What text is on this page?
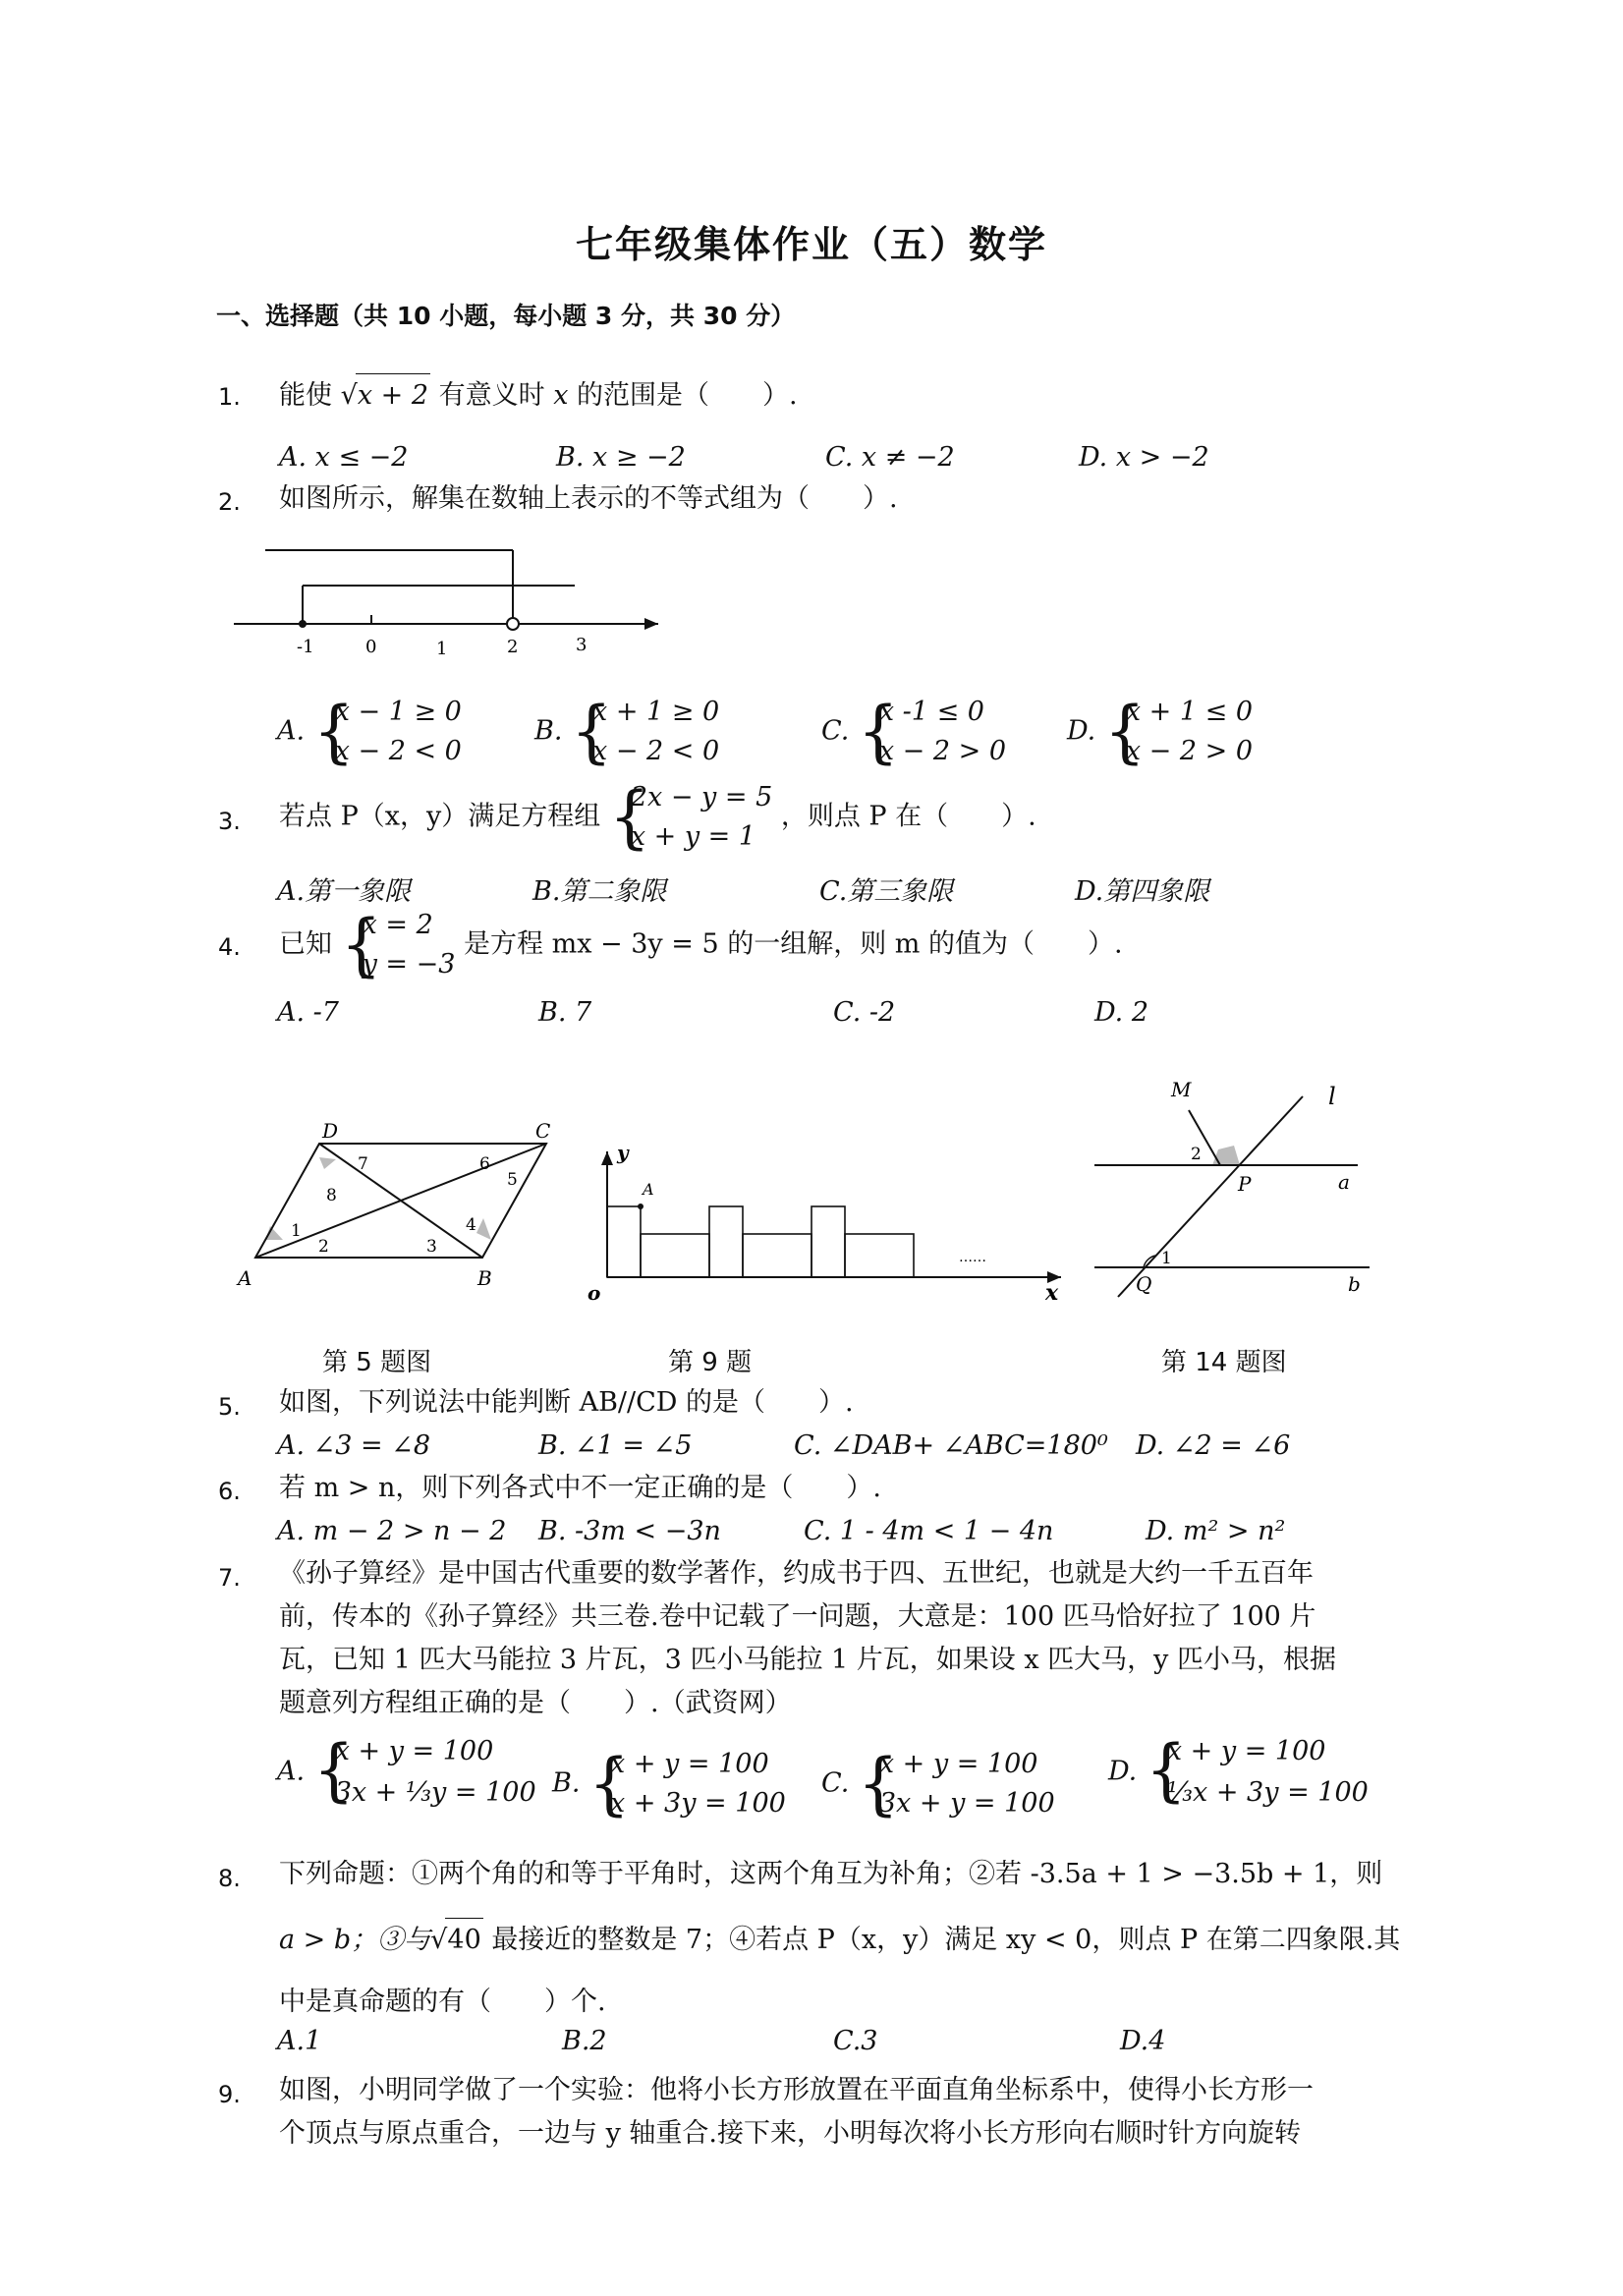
七年级集体作业（五）数学
一、选择题（共 10 小题，每小题 3 分，共 30 分）
1. 能使 √x + 2 有意义时 x 的范围是（　　）.
A. x ≤ −2	B. x ≥ −2	C. x ≠ −2	D. x > −2
2. 如图所示，解集在数轴上表示的不等式组为（　　）.
-1	0	1	2	3
A. {
x − 1 ≥ 0
x − 2 < 0
B. {
x + 1 ≥ 0
x − 2 < 0
C. {
x -1 ≤ 0
x − 2 > 0
D. {
x + 1 ≤ 0
x − 2 > 0
3. 若点 P（x，y）满足方程组 {
2x − y = 5
x + y = 1 ，则点 P 在（　　）.
A.第一象限	B.第二象限	C.第三象限	D.第四象限
4. 已知 {
x = 2
y = −3 是方程 mx − 3y = 5 的一组解，则 m 的值为（　　）.
A. -7	B. 7	C. -2	D. 2
D	C
A	B
1
2	3
4
5
6
7
8
y
A
o	x
……
M	l
2
P	a
1
Q	b
第 5 题图	第 9 题	第 14 题图
5. 如图，下列说法中能判断 AB//CD 的是（　　）.
A. ∠3 = ∠8	B. ∠1 = ∠5	C. ∠DAB+ ∠ABC=180⁰ D. ∠2 = ∠6
6. 若 m > n，则下列各式中不一定正确的是（　　）.
A. m − 2 > n − 2 B. -3m < −3n	C. 1 - 4m < 1 − 4n	D. m² > n²
7. 《孙子算经》是中国古代重要的数学著作，约成书于四、五世纪，也就是大约一千五百年
前，传本的《孙子算经》共三卷.卷中记载了一问题，大意是：100 匹马恰好拉了 100 片
瓦，已知 1 匹大马能拉 3 片瓦，3 匹小马能拉 1 片瓦，如果设 x 匹大马，y 匹小马，根据
题意列方程组正确的是（　　）.（武资网）
A. {
x + y = 100
3x + ⅓y = 100 B. {
x + y = 100
x + 3y = 100
C. {
x + y = 100
3x + y = 100
D. {
x + y = 100
⅓x + 3y = 100
8. 下列命题：①两个角的和等于平角时，这两个角互为补角；②若 -3.5a + 1 > −3.5b + 1，则
a > b；③与√40 最接近的整数是 7；④若点 P（x，y）满足 xy < 0，则点 P 在第二四象限.其
中是真命题的有（　　）个.
A.1	B.2	C.3	D.4
9. 如图，小明同学做了一个实验：他将小长方形放置在平面直角坐标系中，使得小长方形一
个顶点与原点重合，一边与 y 轴重合.接下来，小明每次将小长方形向右顺时针方向旋转
